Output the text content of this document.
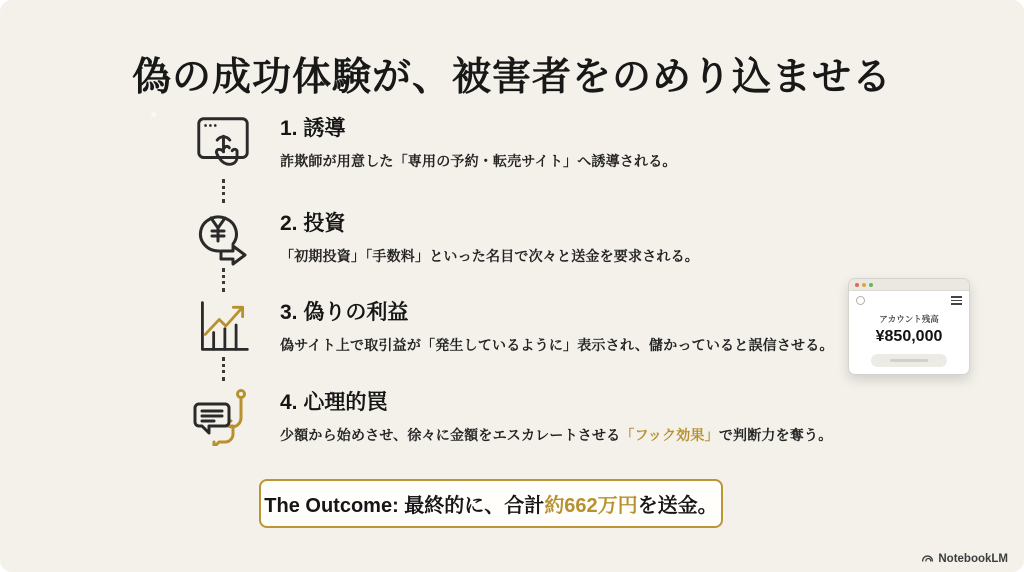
偽の成功体験が、被害者をのめり込ませる
1. 誘導
詐欺師が用意した「専用の予約・転売サイト」へ誘導される。
2. 投資
「初期投資」「手数料」といった名目で次々と送金を要求される。
3. 偽りの利益
偽サイト上で取引益が「発生しているように」表示され、儲かっていると誤信させる。
4. 心理的罠
少額から始めさせ、徐々に金額をエスカレートさせる「フック効果」で判断力を奪う。
アカウント残高
¥850,000
The Outcome: 最終的に、合計 約662万円 を送金。
NotebookLM
